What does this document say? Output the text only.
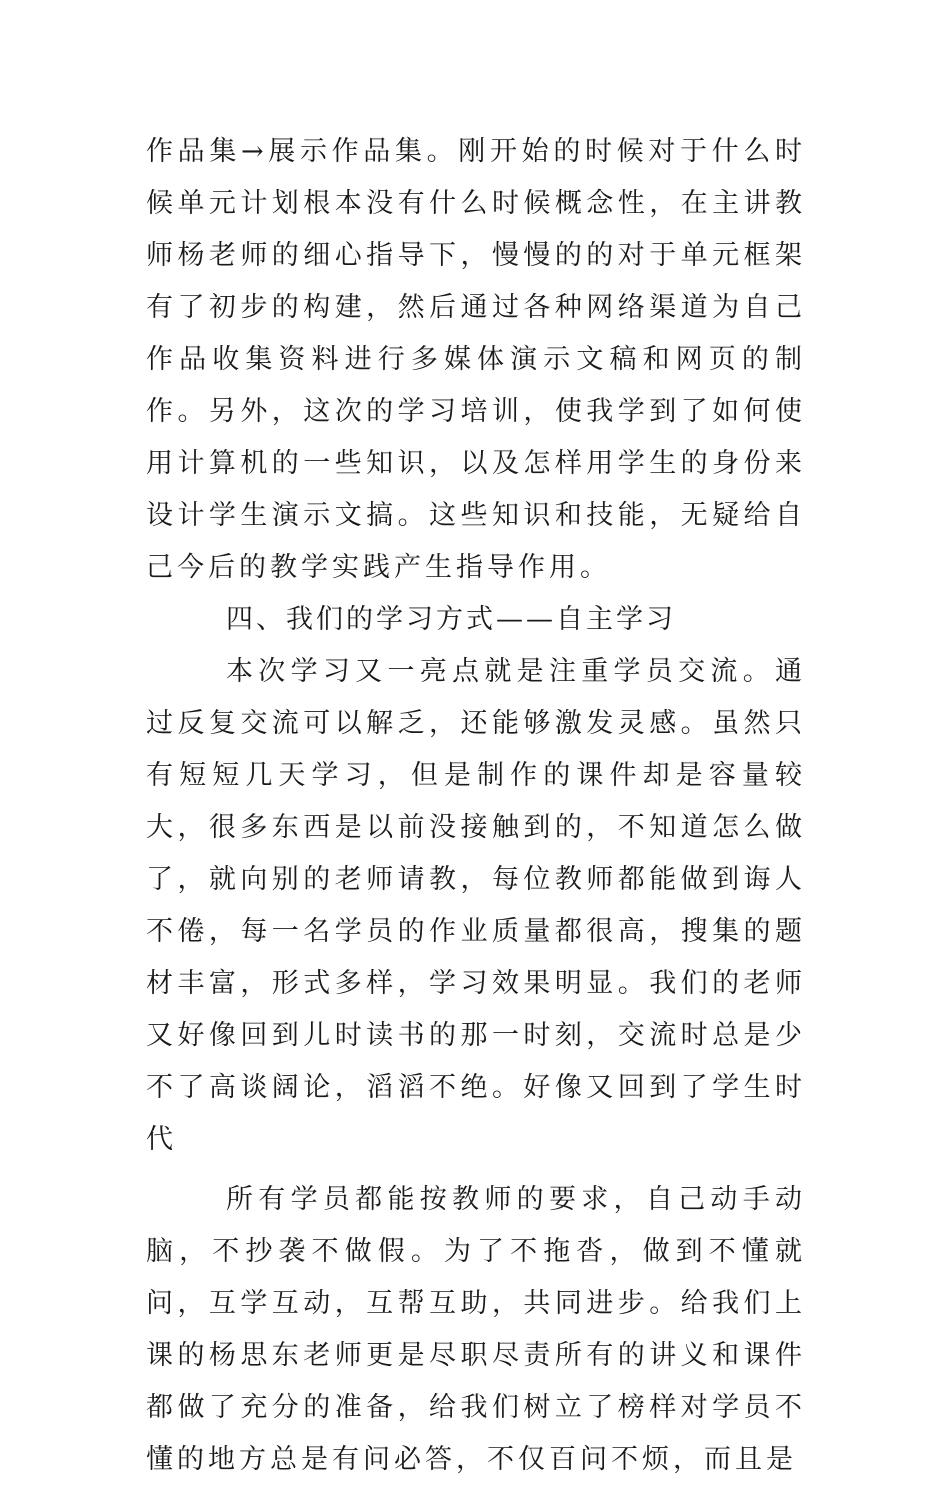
作品集→展示作品集。刚开始的时候对于什么时候单元计划根本没有什么时候概念性，在主讲教师杨老师的细心指导下，慢慢的的对于单元框架有了初步的构建，然后通过各种网络渠道为自己作品收集资料进行多媒体演示文稿和网页的制作。另外，这次的学习培训，使我学到了如何使用计算机的一些知识，以及怎样用学生的身份来设计学生演示文搞。这些知识和技能，无疑给自己今后的教学实践产生指导作用。

四、我们的学习方式——自主学习

本次学习又一亮点就是注重学员交流。通过反复交流可以解乏，还能够激发灵感。虽然只有短短几天学习，但是制作的课件却是容量较大，很多东西是以前没接触到的，不知道怎么做了，就向别的老师请教，每位教师都能做到诲人不倦，每一名学员的作业质量都很高，搜集的题材丰富，形式多样，学习效果明显。我们的老师又好像回到儿时读书的那一时刻，交流时总是少不了高谈阔论，滔滔不绝。好像又回到了学生时代

所有学员都能按教师的要求，自己动手动脑，不抄袭不做假。为了不拖沓，做到不懂就问，互学互动，互帮互助，共同进步。给我们上课的杨思东老师更是尽职尽责所有的讲义和课件都做了充分的准备，给我们树立了榜样对学员不懂的地方总是有问必答，不仅百问不烦，而且是
